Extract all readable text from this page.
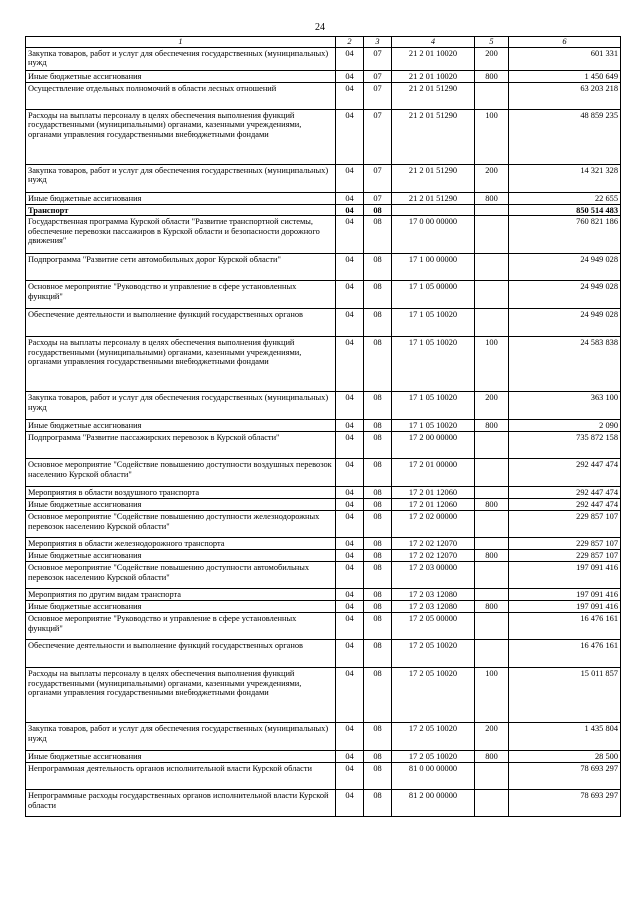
24
1	2	3	4	5	6
Закупка товаров, работ и услуг для обеспечения государственных (муниципальных) нужд	04	07	21 2 01 10020	200	601 331
Иные бюджетные ассигнования	04	07	21 2 01 10020	800	1 450 649
Осуществление отдельных полномочий в области лесных отношений	04	07	21 2 01 51290		63 203 218
Расходы на выплаты персоналу в целях обеспечения выполнения функций государственными (муниципальными) органами, казенными учреждениями, органами управления государственными внебюджетными фондами	04	07	21 2 01 51290	100	48 859 235
Закупка товаров, работ и услуг для обеспечения государственных (муниципальных) нужд	04	07	21 2 01 51290	200	14 321 328
Иные бюджетные ассигнования	04	07	21 2 01 51290	800	22 655
Транспорт	04	08			850 514 483
Государственная программа Курской области "Развитие транспортной системы, обеспечение перевозки пассажиров в Курской области и безопасности дорожного движения"	04	08	17 0 00 00000		760 821 186
Подпрограмма "Развитие сети автомобильных дорог Курской области"	04	08	17 1 00 00000		24 949 028
Основное мероприятие "Руководство и управление в сфере установленных функций"	04	08	17 1 05 00000		24 949 028
Обеспечение деятельности и выполнение функций государственных органов	04	08	17 1 05 10020		24 949 028
Расходы на выплаты персоналу в целях обеспечения выполнения функций государственными (муниципальными) органами, казенными учреждениями, органами управления государственными внебюджетными фондами	04	08	17 1 05 10020	100	24 583 838
Закупка товаров, работ и услуг для обеспечения государственных (муниципальных) нужд	04	08	17 1 05 10020	200	363 100
Иные бюджетные ассигнования	04	08	17 1 05 10020	800	2 090
Подпрограмма "Развитие пассажирских перевозок в Курской области"	04	08	17 2 00 00000		735 872 158
Основное мероприятие "Содействие повышению доступности воздушных перевозок населению Курской области"	04	08	17 2 01 00000		292 447 474
Мероприятия в области воздушного транспорта	04	08	17 2 01 12060		292 447 474
Иные бюджетные ассигнования	04	08	17 2 01 12060	800	292 447 474
Основное мероприятие "Содействие повышению доступности железнодорожных перевозок населению Курской области"	04	08	17 2 02 00000		229 857 107
Мероприятия в области железнодорожного транспорта	04	08	17 2 02 12070		229 857 107
Иные бюджетные ассигнования	04	08	17 2 02 12070	800	229 857 107
Основное мероприятие "Содействие повышению доступности автомобильных перевозок населению Курской области"	04	08	17 2 03 00000		197 091 416
Мероприятия по другим видам транспорта	04	08	17 2 03 12080		197 091 416
Иные бюджетные ассигнования	04	08	17 2 03 12080	800	197 091 416
Основное мероприятие "Руководство и управление в сфере установленных функций"	04	08	17 2 05 00000		16 476 161
Обеспечение деятельности и выполнение функций государственных органов	04	08	17 2 05 10020		16 476 161
Расходы на выплаты персоналу в целях обеспечения выполнения функций государственными (муниципальными) органами, казенными учреждениями, органами управления государственными внебюджетными фондами	04	08	17 2 05 10020	100	15 011 857
Закупка товаров, работ и услуг для обеспечения государственных (муниципальных) нужд	04	08	17 2 05 10020	200	1 435 804
Иные бюджетные ассигнования	04	08	17 2 05 10020	800	28 500
Непрограммная деятельность органов исполнительной власти Курской области	04	08	81 0 00 00000		78 693 297
Непрограммные расходы государственных органов исполнительной власти Курской области	04	08	81 2 00 00000		78 693 297
